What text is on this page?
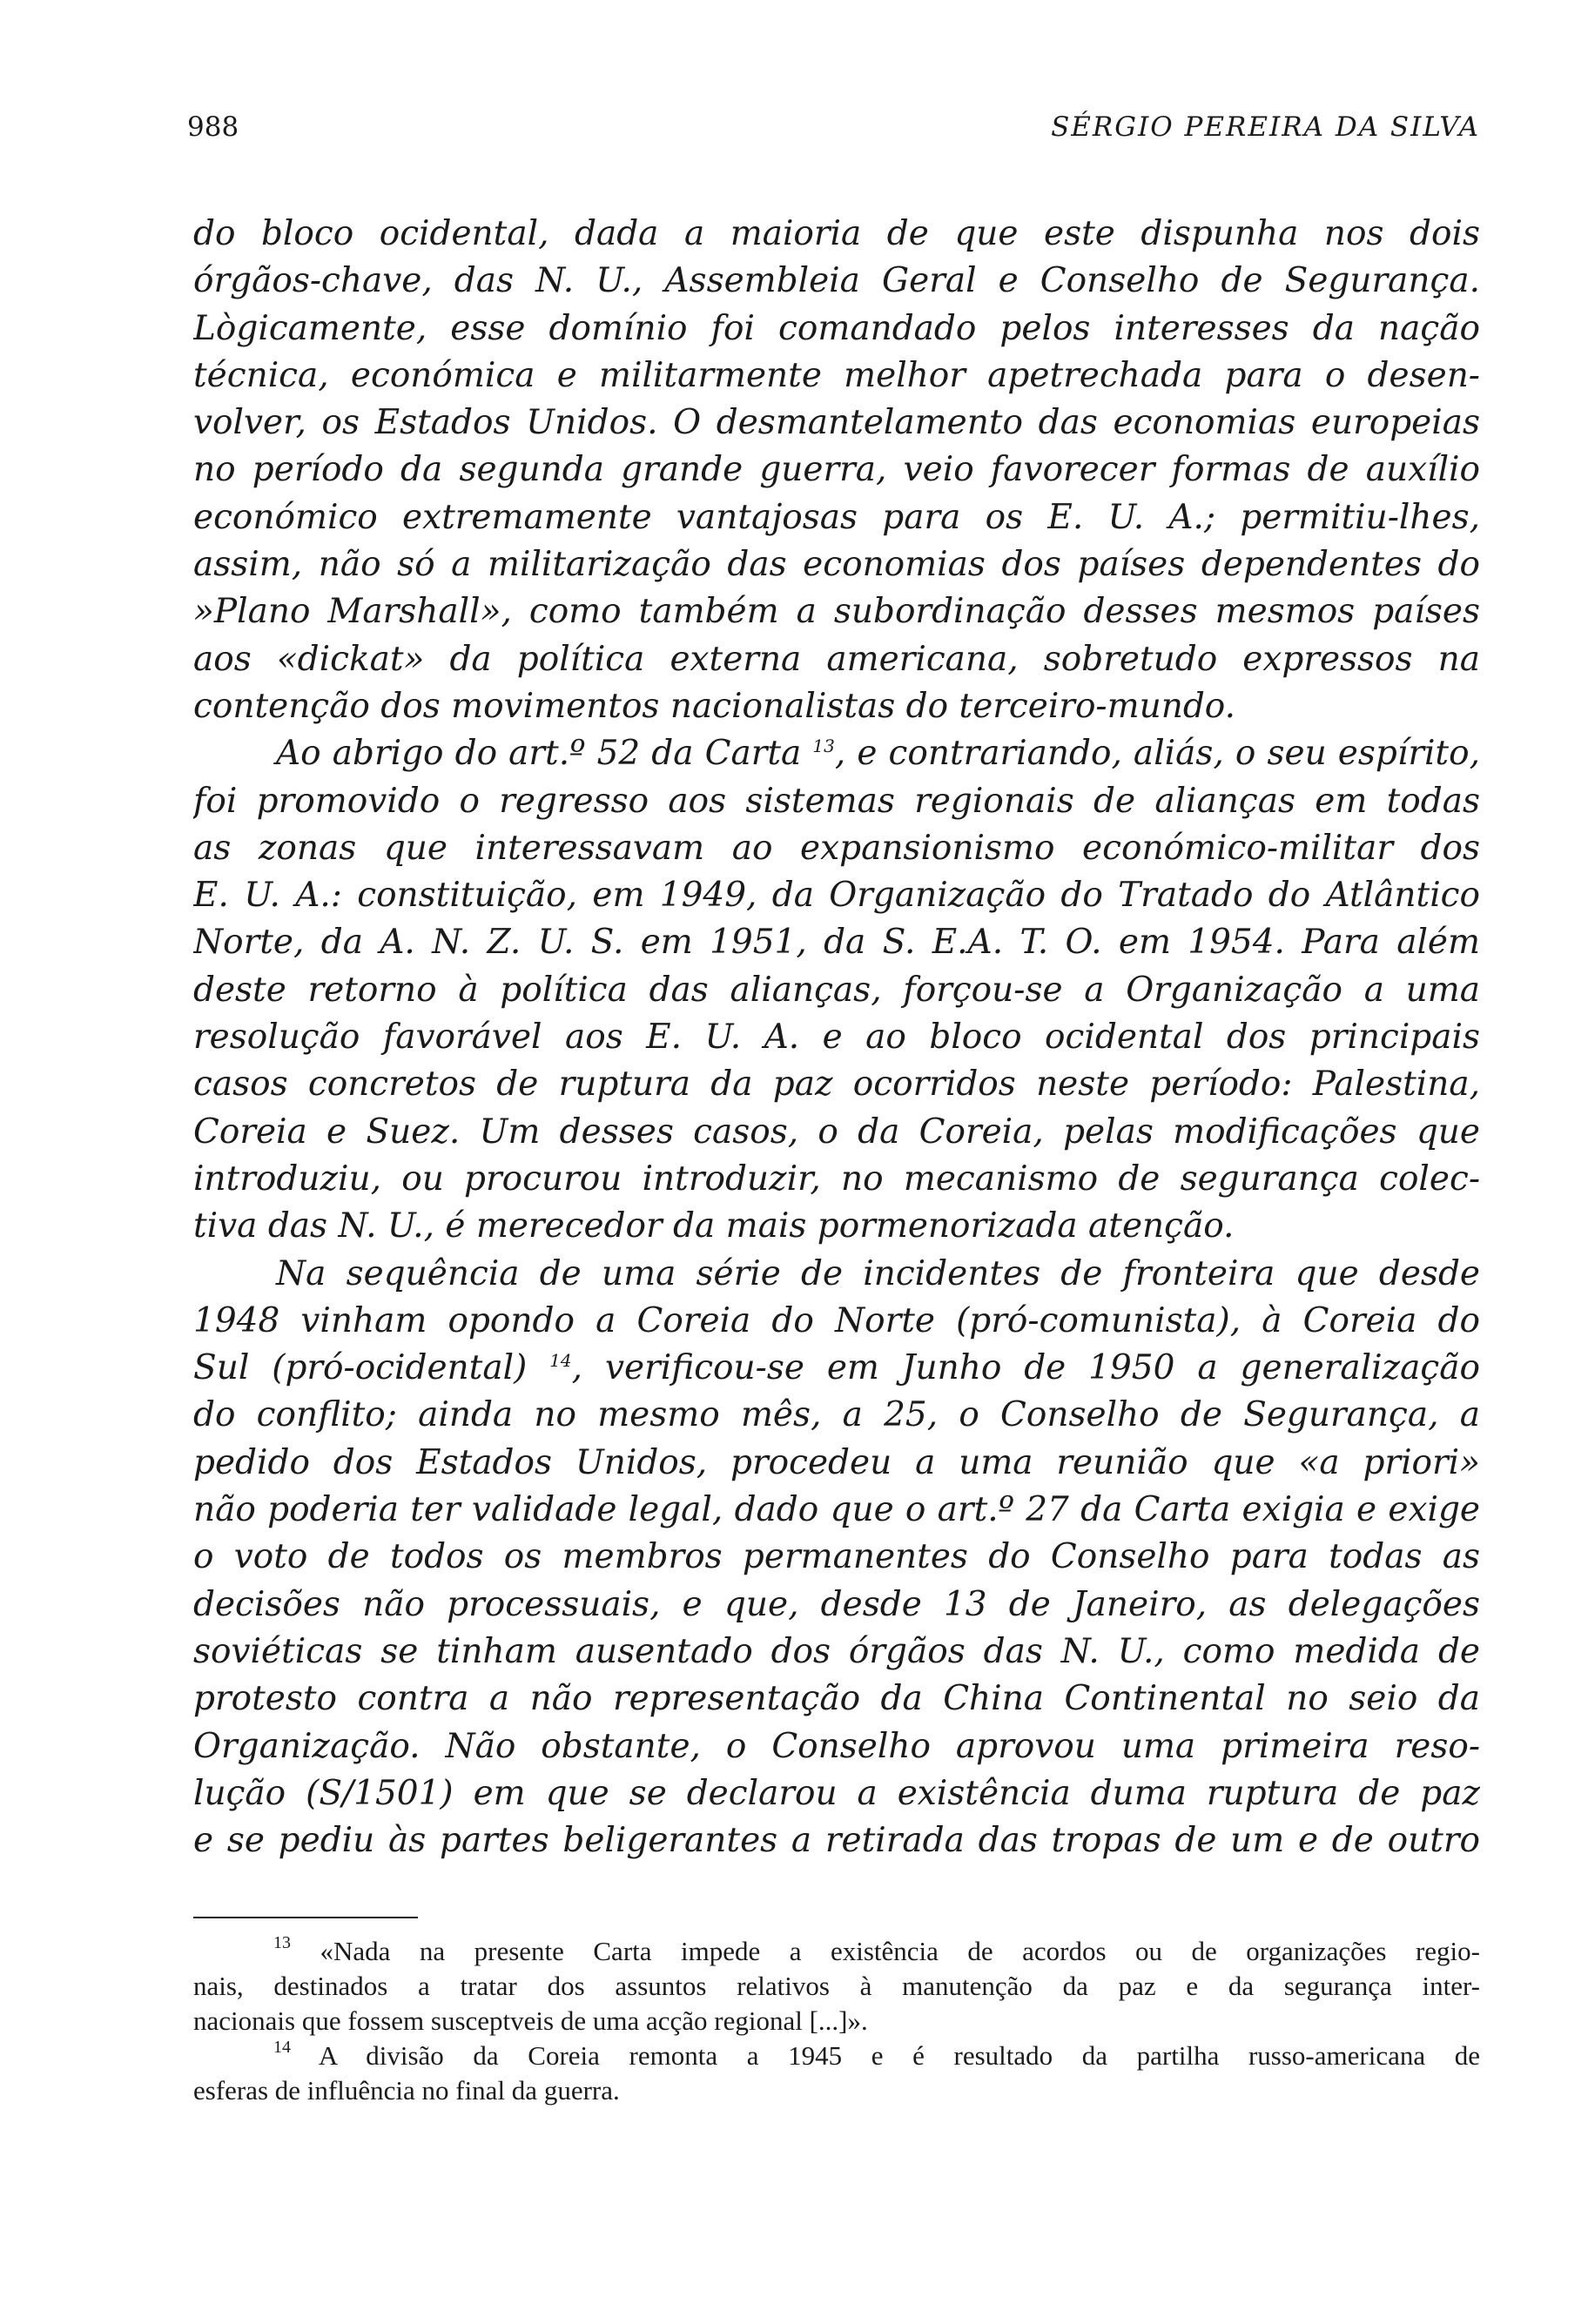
988	SÉRGIO PEREIRA DA SILVA
do bloco ocidental, dada a maioria de que este dispunha nos dois
órgãos-chave, das N. U., Assembleia Geral e Conselho de Segurança.
Lògicamente, esse domínio foi comandado pelos interesses da nação
técnica, económica e militarmente melhor apetrechada para o desen-
volver, os Estados Unidos. O desmantelamento das economias europeias
no período da segunda grande guerra, veio favorecer formas de auxílio
económico extremamente vantajosas para os E. U. A.; permitiu-lhes,
assim, não só a militarização das economias dos países dependentes do
»Plano Marshall», como também a subordinação desses mesmos países
aos «dickat» da política externa americana, sobretudo expressos na
contenção dos movimentos nacionalistas do terceiro-mundo.
Ao abrigo do art.º 52 da Carta $^{13}$, e contrariando, aliás, o seu espírito,
foi promovido o regresso aos sistemas regionais de alianças em todas
as zonas que interessavam ao expansionismo económico-militar dos
E. U. A.: constituição, em 1949, da Organização do Tratado do Atlântico
Norte, da A. N. Z. U. S. em 1951, da S. E.A. T. O. em 1954. Para além
deste retorno à política das alianças, forçou-se a Organização a uma
resolução favorável aos E. U. A. e ao bloco ocidental dos principais
casos concretos de ruptura da paz ocorridos neste período: Palestina,
Coreia e Suez. Um desses casos, o da Coreia, pelas modificações que
introduziu, ou procurou introduzir, no mecanismo de segurança colec-
tiva das N. U., é merecedor da mais pormenorizada atenção.
Na sequência de uma série de incidentes de fronteira que desde
1948 vinham opondo a Coreia do Norte (pró-comunista), à Coreia do
Sul (pró-ocidental) $^{14}$, verificou-se em Junho de 1950 a generalização
do conflito; ainda no mesmo mês, a 25, o Conselho de Segurança, a
pedido dos Estados Unidos, procedeu a uma reunião que «a priori»
não poderia ter validade legal, dado que o art.º 27 da Carta exigia e exige
o voto de todos os membros permanentes do Conselho para todas as
decisões não processuais, e que, desde 13 de Janeiro, as delegações
soviéticas se tinham ausentado dos órgãos das N. U., como medida de
protesto contra a não representação da China Continental no seio da
Organização. Não obstante, o Conselho aprovou uma primeira reso-
lução (S/1501) em que se declarou a existência duma ruptura de paz
e se pediu às partes beligerantes a retirada das tropas de um e de outro
$^{13}$ «Nada na presente Carta impede a existência de acordos ou de organizações regio-
nais, destinados a tratar dos assuntos relativos à manutenção da paz e da segurança inter-
nacionais que fossem susceptveis de uma acção regional [...]».
$^{14}$ A divisão da Coreia remonta a 1945 e é resultado da partilha russo-americana de
esferas de influência no final da guerra.
